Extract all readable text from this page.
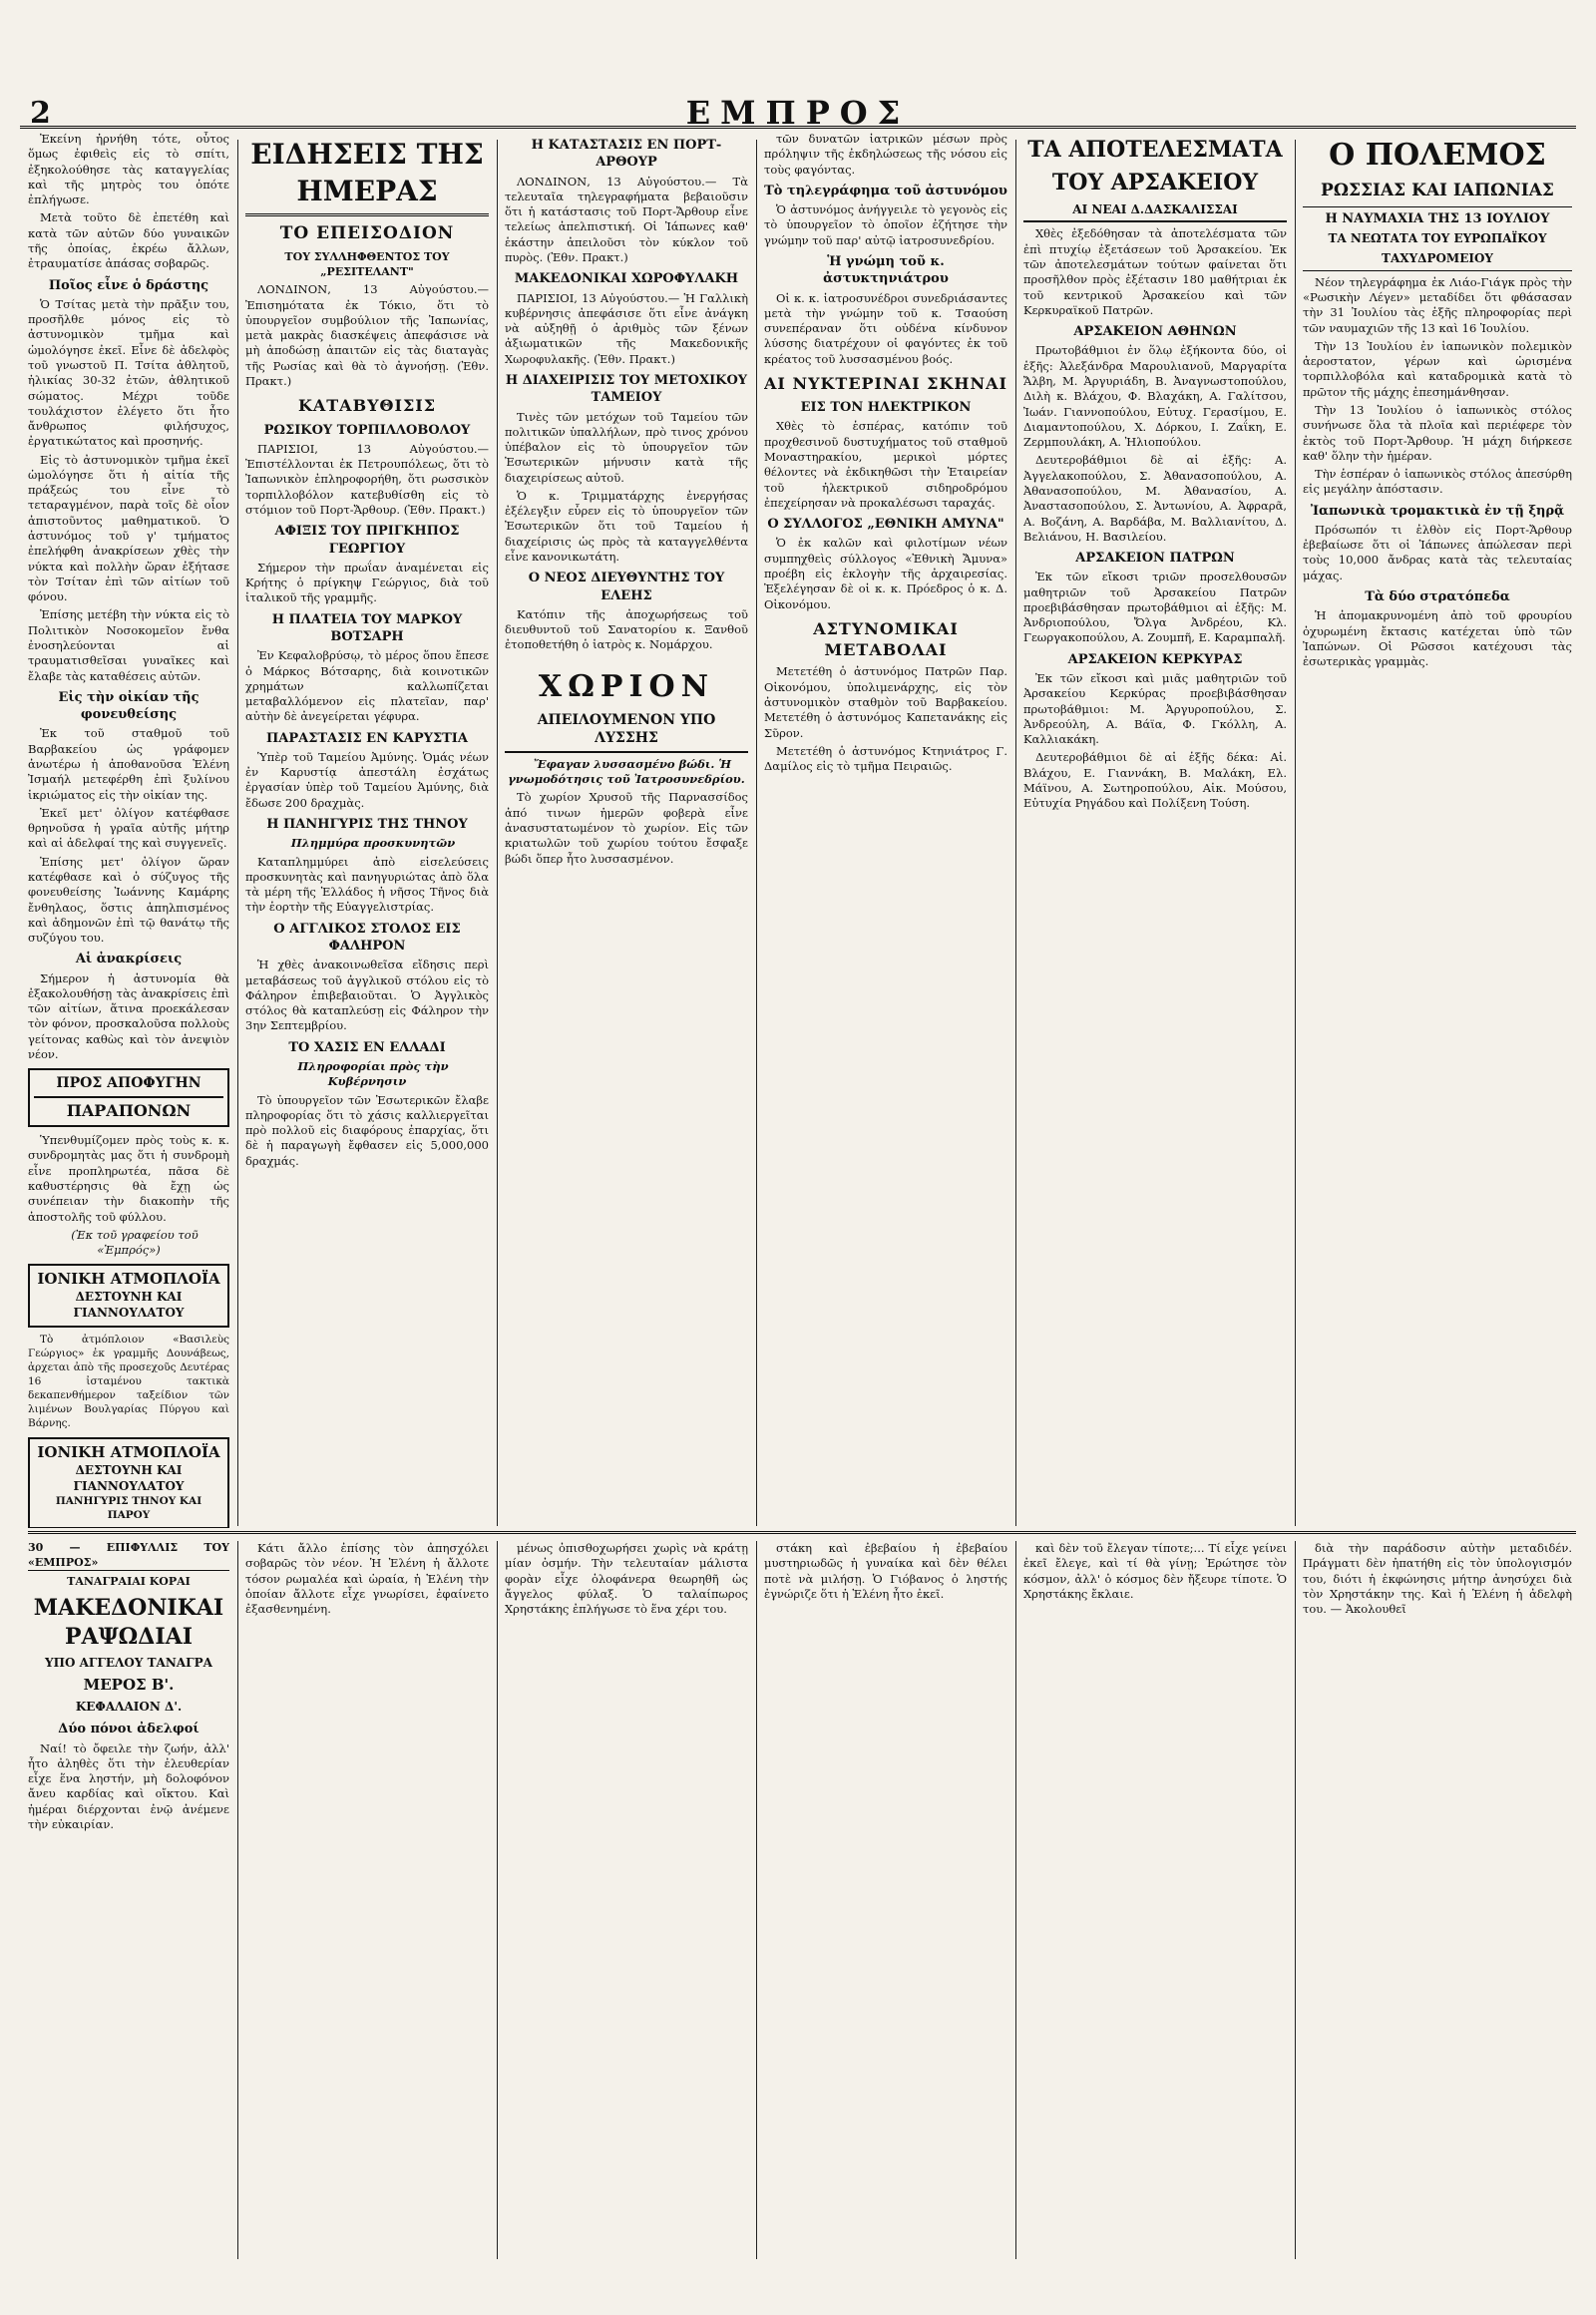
2	ΕΜΠΡΟΣ

Ἐκείνη ἠρνήθη τότε, οὗτος ὅμως ἐφιθεὶς εἰς τὸ σπίτι, ἐξηκολούθησε τὰς καταγγελίας καὶ τῆς μητρὸς του ὁπότε ἐπλήγωσε.

Μετὰ τοῦτο δὲ ἐπετέθη καὶ κατὰ τῶν αὐτῶν δύο γυναικῶν τῆς ὁποίας, ἐκρέω ἄλλων, ἐτραυματίσε ἀπάσας σοβαρῶς.

Ποῖος εἶνε ὁ δράστης

Ὁ Τσίτας μετὰ τὴν πρᾶξιν του, προσῆλθε μόνος εἰς τὸ ἀστυνομικὸν τμῆμα καὶ ὡμολόγησε ἐκεῖ. Εἶνε δὲ ἀδελφὸς τοῦ γνωστοῦ Π. Τσίτα ἀθλητοῦ, ἡλικίας 30-32 ἐτῶν, ἀθλητικοῦ σώματος. Μέχρι τοῦδε τουλάχιστον ἐλέγετο ὅτι ἦτο ἄνθρωπος φιλήσυχος, ἐργατικώτατος καὶ προσηνής.

Εἰς τὸ ἀστυνομικὸν τμῆμα ἐκεῖ ὡμολόγησε ὅτι ἡ αἰτία τῆς πράξεώς του εἶνε τὸ τεταραγμένον, παρὰ τοῖς δὲ οἷον ἀπιστοῦντος μαθηματικοῦ. Ὁ ἀστυνόμος τοῦ γ' τμήματος ἐπελήφθη ἀνακρίσεων χθὲς τὴν νύκτα καὶ πολλὴν ὥραν ἐξήτασε τὸν Τσίταν ἐπὶ τῶν αἰτίων τοῦ φόνου.

Ἐπίσης μετέβη τὴν νύκτα εἰς τὸ Πολιτικὸν Νοσοκομεῖον ἔνθα ἐνοσηλεύονται αἱ τραυματισθεῖσαι γυναῖκες καὶ ἔλαβε τὰς καταθέσεις αὐτῶν.

Εἰς τὴν οἰκίαν τῆς φονευθείσης

Ἐκ τοῦ σταθμοῦ τοῦ Βαρβακείου ὡς γράφομεν ἀνωτέρω ἡ ἀποθανοῦσα Ἑλένη Ἰσμαήλ μετεφέρθη ἐπὶ ξυλίνου ἱκριώματος εἰς τὴν οἰκίαν της.

Ἐκεῖ μετ' ὀλίγον κατέφθασε θρηνοῦσα ἡ γραῖα αὐτῆς μήτηρ καὶ αἱ ἀδελφαί της καὶ συγγενεῖς.

Ἐπίσης μετ' ὀλίγον ὥραν κατέφθασε καὶ ὁ σύζυγος τῆς φονευθείσης Ἰωάννης Καμάρης ἔνθηλαος, ὅστις ἀπηλπισμένος καὶ ἀδημονῶν ἐπὶ τῷ θανάτῳ τῆς συζύγου του.

Αἱ ἀνακρίσεις

Σήμερον ἡ ἀστυνομία θὰ ἐξακολουθήσῃ τὰς ἀνακρίσεις ἐπὶ τῶν αἰτίων, ἅτινα προεκάλεσαν τὸν φόνον, προσκαλοῦσα πολλοὺς γείτονας καθὼς καὶ τὸν ἀνεψιὸν νέον.

ΠΡΟΣ ΑΠΟΦΥΓΗΝ
ΠΑΡΑΠΟΝΩΝ

Ὑπενθυμίζομεν πρὸς τοὺς κ. κ. συνδρομητὰς μας ὅτι ἡ συνδρομὴ εἶνε προπληρωτέα, πᾶσα δὲ καθυστέρησις θὰ ἔχῃ ὡς συνέπειαν τὴν διακοπὴν τῆς ἀποστολῆς τοῦ φύλλου.

(Ἐκ τοῦ γραφείου τοῦ «Ἐμπρός»)

ΙΟΝΙΚΗ ΑΤΜΟΠΛΟΪΑ
ΔΕΣΤΟΥΝΗ ΚΑΙ ΓΙΑΝΝΟΥΛΑΤΟΥ

Τὸ ἀτμόπλοιον «Βασιλεὺς Γεώργιος» ἐκ γραμμῆς Δουνάβεως, ἀρχεται ἀπὸ τῆς προσεχοῦς Δευτέρας 16 ἰσταμένου τακτικὰ δεκαπενθήμερον ταξείδιον τῶν λιμένων Βουλγαρίας Πύργου καὶ Βάρνης.

ΙΟΝΙΚΗ ΑΤΜΟΠΛΟΪΑ
ΔΕΣΤΟΥΝΗ ΚΑΙ ΓΙΑΝΝΟΥΛΑΤΟΥ
ΠΑΝΗΓΥΡΙΣ ΤΗΝΟΥ ΚΑΙ ΠΑΡΟΥ

ΕΙΔΗΣΕΙΣ ΤΗΣ ΗΜΕΡΑΣ
ΤΟ ΕΠΕΙΣΟΔΙΟΝ
ΤΟΥ ΣΥΛΛΗΦΘΕΝΤΟΣ ΤΟΥ „ΡΕΣΙΤΕΛΑΝΤ"

ΛΟΝΔΙΝΟΝ, 13 Αὐγούστου.— Ἐπισημότατα ἐκ Τόκιο, ὅτι τὸ ὑπουργεῖον συμβούλιον τῆς Ἰαπωνίας, μετὰ μακρὰς διασκέψεις ἀπεφάσισε νὰ μὴ ἀποδώσῃ ἀπαιτῶν εἰς τὰς διαταγὰς τῆς Ρωσίας καὶ θὰ τὸ ἀγνοήσῃ. (Ἐθν. Πρακτ.)

ΚΑΤΑΒΥΘΙΣΙΣ
ΡΩΣΙΚΟΥ ΤΟΡΠΙΛΛΟΒΟΛΟΥ

ΠΑΡΙΣΙΟΙ, 13 Αὐγούστου.— Ἐπιστέλλονται ἐκ Πετρουπόλεως, ὅτι τὸ Ἰαπωνικὸν ἐπληροφορήθη, ὅτι ρωσσικὸν τορπιλλοβόλον κατεβυθίσθη εἰς τὸ στόμιον τοῦ Πορτ-Ἄρθουρ. (Ἐθν. Πρακτ.)

ΑΦΙΞΙΣ ΤΟΥ ΠΡΙΓΚΗΠΟΣ ΓΕΩΡΓΙΟΥ

Σήμερον τὴν πρωΐαν ἀναμένεται εἰς Κρήτης ὁ πρίγκηψ Γεώργιος, διὰ τοῦ ἰταλικοῦ τῆς γραμμῆς.

Η ΠΛΑΤΕΙΑ ΤΟΥ ΜΑΡΚΟΥ ΒΟΤΣΑΡΗ

Ἐν Κεφαλοβρύσῳ, τὸ μέρος ὅπου ἔπεσε ὁ Μάρκος Βότσαρης, διὰ κοινοτικῶν χρημάτων καλλωπίζεται μεταβαλλόμενον εἰς πλατεῖαν, παρ' αὐτὴν δὲ ἀνεγείρεται γέφυρα.

ΠΑΡΑΣΤΑΣΙΣ ΕΝ ΚΑΡΥΣΤΙΑ

Ὑπὲρ τοῦ Ταμείου Ἀμύνης. Ὁμάς νέων ἐν Καρυστίᾳ ἀπεστάλη ἐσχάτως ἐργασίαν ὑπὲρ τοῦ Ταμείου Ἀμύνης, διὰ ἔδωσε 200 δραχμὰς.

Η ΠΑΝΗΓΥΡΙΣ ΤΗΣ ΤΗΝΟΥ

Πλημμύρα προσκυνητῶν

Καταπλημμύρει ἀπὸ εἰσελεύσεις προσκυνητὰς καὶ πανηγυριώτας ἀπὸ ὅλα τὰ μέρη τῆς Ἑλλάδος ἡ νῆσος Τῆνος διὰ τὴν ἑορτὴν τῆς Εὐαγγελιστρίας.

Ο ΑΓΓΛΙΚΟΣ ΣΤΟΛΟΣ ΕΙΣ ΦΑΛΗΡΟΝ

Ἡ χθὲς ἀνακοινωθεῖσα εἴδησις περὶ μεταβάσεως τοῦ ἀγγλικοῦ στόλου εἰς τὸ Φάληρον ἐπιβεβαιοῦται. Ὁ Ἀγγλικὸς στόλος θὰ καταπλεύσῃ εἰς Φάληρον τὴν 3ην Σεπτεμβρίου.

ΤΟ ΧΑΣΙΣ ΕΝ ΕΛΛΑΔΙ

Πληροφορίαι πρὸς τὴν Κυβέρνησιν

Τὸ ὑπουργεῖον τῶν Ἐσωτερικῶν ἔλαβε πληροφορίας ὅτι τὸ χάσις καλλιεργεῖται πρὸ πολλοῦ εἰς διαφόρους ἐπαρχίας, ὅτι δὲ ἡ παραγωγὴ ἔφθασεν εἰς 5,000,000 δραχμάς.

Η ΚΑΤΑΣΤΑΣΙΣ ΕΝ ΠΟΡΤ-ΑΡΘΟΥΡ

ΛΟΝΔΙΝΟΝ, 13 Αὐγούστου.— Τὰ τελευταῖα τηλεγραφήματα βεβαιοῦσιν ὅτι ἡ κατάστασις τοῦ Πορτ-Ἄρθουρ εἶνε τελείως ἀπελπιστική. Οἱ Ἰάπωνες καθ' ἑκάστην ἀπειλοῦσι τὸν κύκλον τοῦ πυρὸς. (Ἐθν. Πρακτ.)

ΜΑΚΕΔΟΝΙΚΑΙ ΧΩΡΟΦΥΛΑΚΗ

ΠΑΡΙΣΙΟΙ, 13 Αὐγούστου.— Ἡ Γαλλικὴ κυβέρνησις ἀπεφάσισε ὅτι εἶνε ἀνάγκη νὰ αὐξηθῇ ὁ ἀριθμὸς τῶν ξένων ἀξιωματικῶν τῆς Μακεδονικῆς Χωροφυλακῆς. (Ἐθν. Πρακτ.)

Η ΔΙΑΧΕΙΡΙΣΙΣ ΤΟΥ ΜΕΤΟΧΙΚΟΥ ΤΑΜΕΙΟΥ

Τινὲς τῶν μετόχων τοῦ Ταμείου τῶν πολιτικῶν ὑπαλλήλων, πρὸ τινος χρόνου ὑπέβαλον εἰς τὸ ὑπουργεῖον τῶν Ἐσωτερικῶν μήνυσιν κατὰ τῆς διαχειρίσεως αὐτοῦ.

Ὁ κ. Τριμματάρχης ἐνεργήσας ἐξέλεγξιν εὗρεν εἰς τὸ ὑπουργεῖον τῶν Ἐσωτερικῶν ὅτι τοῦ Ταμείου ἡ διαχείρισις ὡς πρὸς τὰ καταγγελθέντα εἶνε κανονικωτάτη.

Ο ΝΕΟΣ ΔΙΕΥΘΥΝΤΗΣ ΤΟΥ ΕΛΕΗΣ

Κατόπιν τῆς ἀποχωρήσεως τοῦ διευθυντοῦ τοῦ Σανατορίου κ. Ξανθοῦ ἐτοποθετήθη ὁ ἰατρὸς κ. Νομάρχου.

ΧΩΡΙΟΝ
ΑΠΕΙΛΟΥΜΕΝΟΝ ΥΠΟ ΛΥΣΣΗΣ

Ἔφαγαν λυσσασμένο βώδι. Ἡ γνωμοδότησις τοῦ Ἰατροσυνεδρίου.

Τὸ χωρίον Χρυσοῦ τῆς Παρνασσίδος ἀπό τινων ἡμερῶν φοβερὰ εἶνε ἀνασυστατωμένον τὸ χωρίον. Εἰς τῶν κριατωλῶν τοῦ χωρίου τούτου ἔσφαξε βώδι ὅπερ ἦτο λυσσασμένον.

τῶν δυνατῶν ἰατρικῶν μέσων πρὸς πρόληψιν τῆς ἐκδηλώσεως τῆς νόσου εἰς τοὺς φαγόντας.

Τὸ τηλεγράφημα τοῦ ἀστυνόμου

Ὁ ἀστυνόμος ἀνήγγειλε τὸ γεγονὸς εἰς τὸ ὑπουργεῖον τὸ ὁποῖον ἐζήτησε τὴν γνώμην τοῦ παρ' αὐτῷ ἰατροσυνεδρίου.

Ἡ γνώμη τοῦ κ. ἀστυκτηνιάτρου

Οἱ κ. κ. ἰατροσυνέδροι συνεδριάσαντες μετὰ τὴν γνώμην τοῦ κ. Τσαούση συνεπέραναν ὅτι οὐδένα κίνδυνον λύσσης διατρέχουν οἱ φαγόντες ἐκ τοῦ κρέατος τοῦ λυσσασμένου βοός.

ΑΙ ΝΥΚΤΕΡΙΝΑΙ ΣΚΗΝΑΙ
ΕΙΣ ΤΟΝ ΗΛΕΚΤΡΙΚΟΝ

Χθὲς τὸ ἑσπέρας, κατόπιν τοῦ προχθεσινοῦ δυστυχήματος τοῦ σταθμοῦ Μοναστηρακίου, μερικοὶ μόρτες θέλοντες νὰ ἐκδικηθῶσι τὴν Ἑταιρείαν τοῦ ἠλεκτρικοῦ σιδηροδρόμου ἐπεχείρησαν νὰ προκαλέσωσι ταραχάς.

Ο ΣΥΛΛΟΓΟΣ „ΕΘΝΙΚΗ ΑΜΥΝΑ"

Ὁ ἐκ καλῶν καὶ φιλοτίμων νέων συμπηχθεὶς σύλλογος «Ἐθνικὴ Ἄμυνα» προέβη εἰς ἐκλογὴν τῆς ἀρχαιρεσίας. Ἐξελέγησαν δὲ οἱ κ. κ. Πρόεδρος ὁ κ. Δ. Οἰκονόμου.

ΑΣΤΥΝΟΜΙΚΑΙ ΜΕΤΑΒΟΛΑΙ

Μετετέθη ὁ ἀστυνόμος Πατρῶν Παρ. Οἰκονόμου, ὑπολιμενάρχης, εἰς τὸν ἀστυνομικὸν σταθμὸν τοῦ Βαρβακείου. Μετετέθη ὁ ἀστυνόμος Καπετανάκης εἰς Σῦρον.

Μετετέθη ὁ ἀστυνόμος Κτηνιάτρος Γ. Δαμίλος εἰς τὸ τμῆμα Πειραιῶς.

ΤΑ ΑΠΟΤΕΛΕΣΜΑΤΑ
ΤΟΥ ΑΡΣΑΚΕΙΟΥ
ΑΙ ΝΕΑΙ Δ.ΔΑΣΚΑΛΙΣΣΑΙ

Χθὲς ἐξεδόθησαν τὰ ἀποτελέσματα τῶν ἐπὶ πτυχίῳ ἐξετάσεων τοῦ Ἀρσακείου. Ἐκ τῶν ἀποτελεσμάτων τούτων φαίνεται ὅτι προσῆλθον πρὸς ἐξέτασιν 180 μαθήτριαι ἐκ τοῦ κεντρικοῦ Ἀρσακείου καὶ τῶν Κερκυραϊκοῦ Πατρῶν.

ΑΡΣΑΚΕΙΟΝ ΑΘΗΝΩΝ

Πρωτοβάθμιοι ἐν ὅλῳ ἐξήκοντα δύο, οἱ ἑξῆς: Ἀλεξάνδρα Μαρουλιανοῦ, Μαργαρίτα Ἄλβη, Μ. Ἀργυριάδη, Β. Ἀναγνωστοπούλου, Διλὴ κ. Βλάχου, Φ. Βλαχάκη, Α. Γαλίτσου, Ἰωάν. Γιαννοπούλου, Εὐτυχ. Γερασίμου, Ε. Διαμαντοπούλου, Χ. Δόρκου, Ι. Ζαΐκη, Ε. Ζερμπουλάκη, Α. Ἠλιοπούλου.

Δευτεροβάθμιοι δὲ αἱ ἑξῆς: Α. Ἀγγελακοπούλου, Σ. Ἀθανασοπούλου, Α. Ἀθανασοπούλου, Μ. Ἀθανασίου, Α. Ἀναστασοπούλου, Σ. Ἀντωνίου, Α. Ἀφραρᾶ, Α. Βοζάνη, Α. Βαρδάβα, Μ. Βαλλιανίτου, Δ. Βελιάνου, Η. Βασιλείου.

ΑΡΣΑΚΕΙΟΝ ΠΑΤΡΩΝ

Ἐκ τῶν εἴκοσι τριῶν προσελθουσῶν μαθητριῶν τοῦ Ἀρσακείου Πατρῶν προεβιβάσθησαν πρωτοβάθμιοι αἱ ἑξῆς: Μ. Ἀνδριοπούλου, Ὄλγα Ἀνδρέου, Κλ. Γεωργακοπούλου, Α. Ζουμπῆ, Ε. Καραμπαλῆ.

ΑΡΣΑΚΕΙΟΝ ΚΕΡΚΥΡΑΣ

Ἐκ τῶν εἴκοσι καὶ μιᾶς μαθητριῶν τοῦ Ἀρσακείου Κερκύρας προεβιβάσθησαν πρωτοβάθμιοι: Μ. Ἀργυροπούλου, Σ. Ἀνδρεούλη, Α. Βάϊα, Φ. Γκόλλη, Α. Καλλιακάκη.

Δευτεροβάθμιοι δὲ αἱ ἑξῆς δέκα: Αἰ. Βλάχου, Ε. Γιαννάκη, Β. Μαλάκη, Ελ. Μάϊνου, Α. Σωτηροπούλου, Αἰκ. Μούσου, Εὐτυχία Ρηγάδου καὶ Πολίξενη Τούση.

Ο ΠΟΛΕΜΟΣ
ΡΩΣΣΙΑΣ ΚΑΙ ΙΑΠΩΝΙΑΣ
Η ΝΑΥΜΑΧΙΑ ΤΗΣ 13 ΙΟΥΛΙΟΥ
ΤΑ ΝΕΩΤΑΤΑ ΤΟΥ ΕΥΡΩΠΑΪΚΟΥ
ΤΑΧΥΔΡΟΜΕΙΟΥ

Νέον τηλεγράφημα ἐκ Λιάο-Γιάγκ πρὸς τὴν «Ρωσικὴν Λέγεν» μεταδίδει ὅτι φθάσασαν τὴν 31 Ἰουλίου τὰς ἑξῆς πληροφορίας περὶ τῶν ναυμαχιῶν τῆς 13 καὶ 16 Ἰουλίου.

Τὴν 13 Ἰουλίου ἐν ἰαπωνικὸν πολεμικὸν ἀεροστατον, γέρων καὶ ὡρισμένα τορπιλλοβόλα καὶ καταδρομικὰ κατὰ τὸ πρῶτον τῆς μάχης ἐπεσημάνθησαν.

Τὴν 13 Ἰουλίου ὁ ἰαπωνικὸς στόλος συνήνωσε ὅλα τὰ πλοῖα καὶ περιέφερε τὸν ἐκτὸς τοῦ Πορτ-Ἄρθουρ. Ἡ μάχη διήρκεσε καθ' ὅλην τὴν ἡμέραν.

Τὴν ἑσπέραν ὁ ἰαπωνικὸς στόλος ἀπεσύρθη εἰς μεγάλην ἀπόστασιν.

Ἰαπωνικὰ τρομακτικὰ ἐν τῇ ξηρᾷ

Πρόσωπόν τι ἐλθὸν εἰς Πορτ-Ἄρθουρ ἐβεβαίωσε ὅτι οἱ Ἰάπωνες ἀπώλεσαν περὶ τοὺς 10,000 ἄνδρας κατὰ τὰς τελευταίας μάχας.

Τὰ δύο στρατόπεδα

Ἡ ἀπομακρυνομένη ἀπὸ τοῦ φρουρίου ὀχυρωμένη ἔκτασις κατέχεται ὑπὸ τῶν Ἰαπώνων. Οἱ Ρῶσσοι κατέχουσι τὰς ἐσωτερικὰς γραμμὰς.

30 — ΕΠΙΦΥΛΛΙΣ ΤΟΥ «ΕΜΠΡΟΣ»
ΤΑΝΑΓΡΑΙΑΙ ΚΟΡΑΙ
ΜΑΚΕΔΟΝΙΚΑΙ ΡΑΨΩΔΙΑΙ
ΥΠΟ ΑΓΓΕΛΟΥ ΤΑΝΑΓΡΑ
ΜΕΡΟΣ Β'.
ΚΕΦΑΛΑΙΟΝ Δ'.
Δύο πόνοι ἀδελφοί

Ναί! τὸ ὄφειλε τὴν ζωήν, ἀλλ' ἦτο ἀληθὲς ὅτι τὴν ἐλευθερίαν εἶχε ἕνα ληστήν, μὴ δολοφόνον ἄνευ καρδίας καὶ οἴκτου. Καὶ ἡμέραι διέρχονται ἐνῷ ἀνέμενε τὴν εὐκαιρίαν.

Κάτι ἄλλο ἐπίσης τὸν ἀπησχόλει σοβαρῶς τὸν νέον. Ἡ Ἑλένη ἡ ἄλλοτε τόσον ρωμαλέα καὶ ὡραία, ἡ Ἑλένη τὴν ὁποίαν ἄλλοτε εἶχε γνωρίσει, ἐφαίνετο ἐξασθενημένη.

μένως ὀπισθοχωρήσει χωρὶς νὰ κράτῃ μίαν ὀσμήν. Τὴν τελευταίαν μάλιστα φορὰν εἶχε ὁλοφάνερα θεωρηθῆ ὡς ἄγγελος φύλαξ. Ὁ ταλαίπωρος Χρηστάκης ἐπλήγωσε τὸ ἕνα χέρι του.

στάκη καὶ ἐβεβαίου ἡ ἐβεβαίου μυστηριωδῶς ἡ γυναίκα καὶ δὲν θέλει ποτὲ νὰ μιλήσῃ. Ὁ Γιόβανος ὁ ληστής ἐγνώριζε ὅτι ἡ Ἑλένη ἦτο ἐκεῖ.

καὶ δὲν τοῦ ἔλεγαν τίποτε;... Τί εἶχε γείνει ἐκεῖ ἔλεγε, καὶ τί θὰ γίνῃ; Ἐρώτησε τὸν κόσμον, ἀλλ' ὁ κόσμος δὲν ἤξευρε τίποτε. Ὁ Χρηστάκης ἔκλαιε.

διὰ τὴν παράδοσιν αὐτὴν μεταδιδέν. Πράγματι δὲν ἠπατήθη εἰς τὸν ὑπολογισμόν του, διότι ἡ ἐκφώνησις μήτηρ ἀνησύχει διὰ τὸν Χρηστάκην της. Καὶ ἡ Ἑλένη ἡ ἀδελφὴ του. — Ἀκολουθεῖ
